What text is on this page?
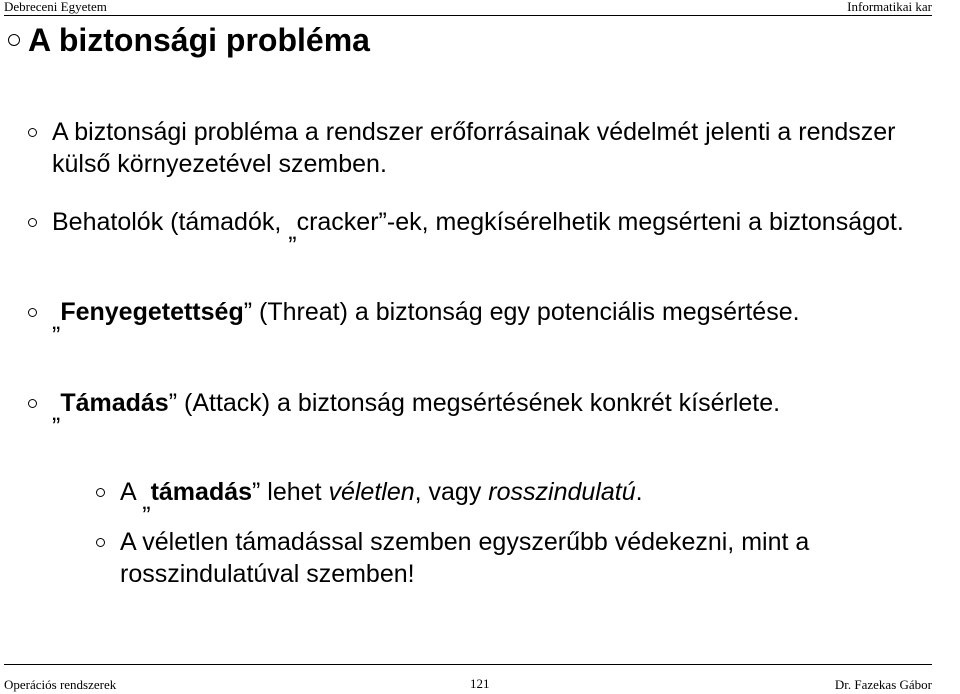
Debreceni Egyetem	Informatikai kar
A biztonsági probléma
A biztonsági probléma a rendszer erőforrásainak védelmét jelenti a rendszer külső környezetével szemben.
Behatolók (támadók, „cracker”-ek, megkísérelhetik megsérteni a biztonságot.
„Fenyegetettség” (Threat) a biztonság egy potenciális megsértése.
„Támadás” (Attack) a biztonság megsértésének konkrét kísérlete.
A „támadás” lehet véletlen, vagy rosszindulatú.
A véletlen támadással szemben egyszerűbb védekezni, mint a rosszindulatúval szemben!
Operációs rendszerek	121	Dr. Fazekas Gábor
